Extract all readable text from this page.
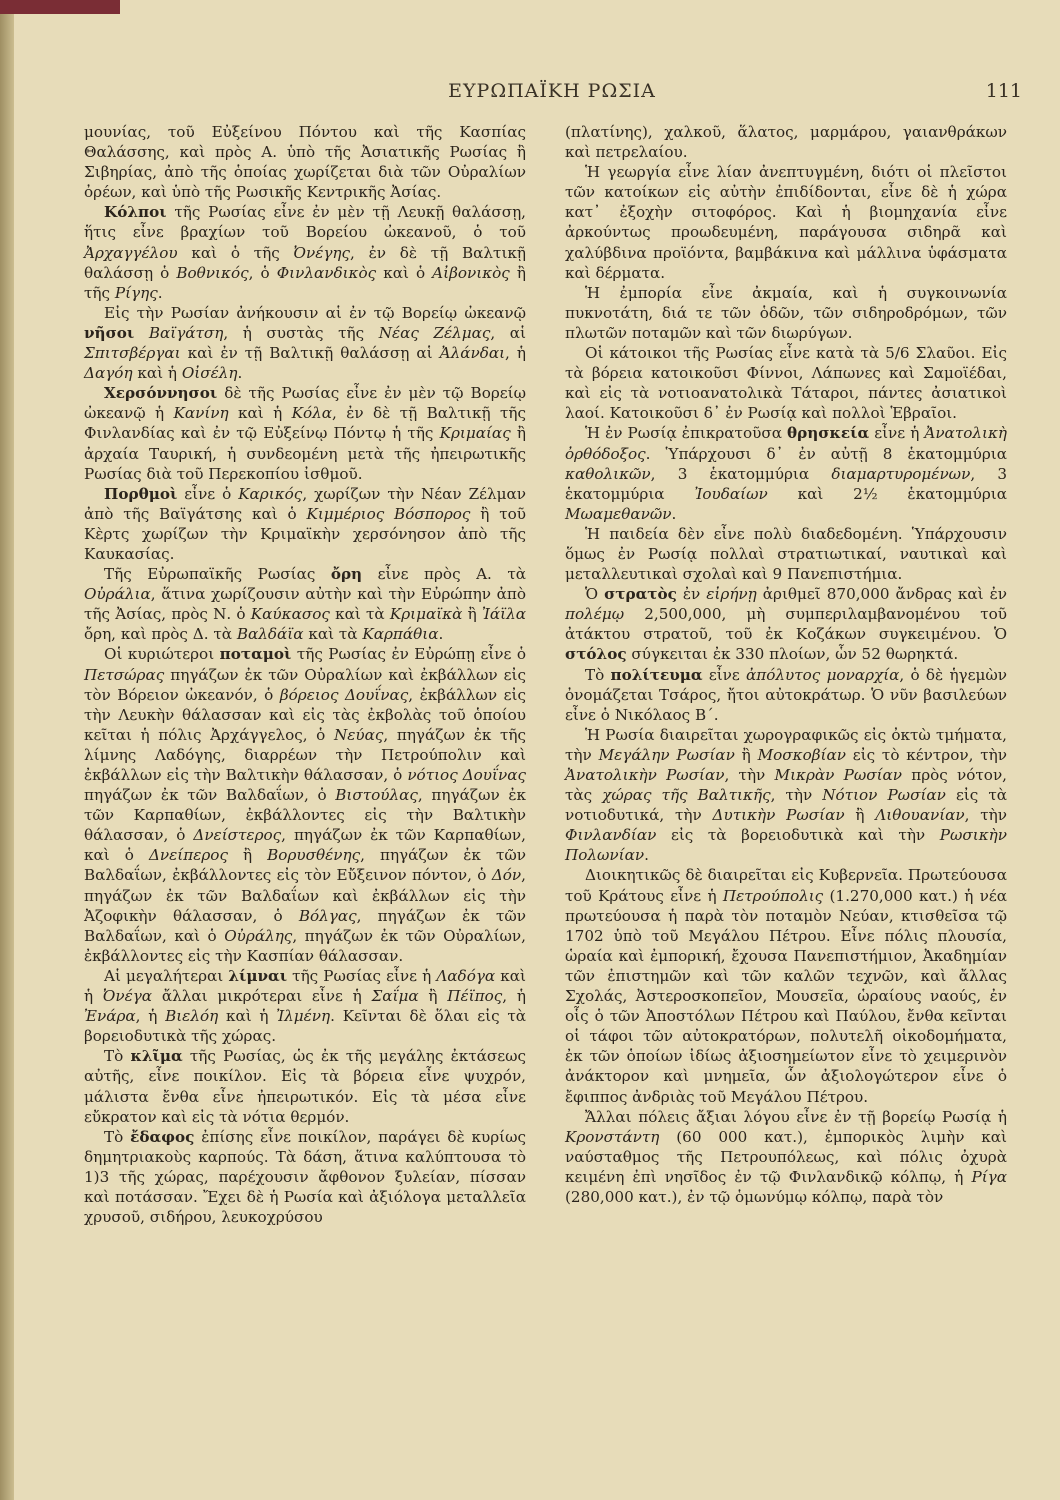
ΕΥΡΩΠΑΪΚΗ ΡΩΣΙΑ	111

μουνίας, τοῦ Εὐξείνου Πόντου καὶ τῆς Κασπίας Θαλάσσης, καὶ πρὸς Α. ὑπὸ τῆς Ἀσιατικῆς Ρωσίας ἢ Σιβηρίας, ἀπὸ τῆς ὁποίας χωρίζεται διὰ τῶν Οὐραλίων ὀρέων, καὶ ὑπὸ τῆς Ρωσικῆς Κεντρικῆς Ἀσίας.

Κόλποι τῆς Ρωσίας εἶνε ἐν μὲν τῇ Λευκῇ θαλάσσῃ, ἥτις εἶνε βραχίων τοῦ Βορείου ὠκεανοῦ, ὁ τοῦ Ἀρχαγγέλου καὶ ὁ τῆς Ὀνέγης, ἐν δὲ τῇ Βαλτικῇ θαλάσσῃ ὁ Βοθνικός, ὁ Φινλανδικὸς καὶ ὁ Αἰβονικὸς ἢ τῆς Ρίγης.

Εἰς τὴν Ρωσίαν ἀνήκουσιν αἱ ἐν τῷ Βορείῳ ὠκεανῷ νῆσοι Βαϊγάτση, ἡ συστὰς τῆς Νέας Ζέλμας, αἱ Σπιτσβέργαι καὶ ἐν τῇ Βαλτικῇ θαλάσσῃ αἱ Ἀλάνδαι, ἡ Δαγόη καὶ ἡ Οἰσέλη.

Χερσόννησοι δὲ τῆς Ρωσίας εἶνε ἐν μὲν τῷ Βορείῳ ὠκεανῷ ἡ Κανίνη καὶ ἡ Κόλα, ἐν δὲ τῇ Βαλτικῇ τῆς Φινλανδίας καὶ ἐν τῷ Εὐξείνῳ Πόντῳ ἡ τῆς Κριμαίας ἢ ἀρχαία Ταυρική, ἡ συνδεομένη μετὰ τῆς ἠπειρωτικῆς Ρωσίας διὰ τοῦ Περεκοπίου ἰσθμοῦ.

Πορθμοὶ εἶνε ὁ Καρικός, χωρίζων τὴν Νέαν Ζέλμαν ἀπὸ τῆς Βαϊγάτσης καὶ ὁ Κιμμέριος Βόσπορος ἢ τοῦ Κὲρτς χωρίζων τὴν Κριμαϊκὴν χερσόνησον ἀπὸ τῆς Καυκασίας.

Τῆς Εὐρωπαϊκῆς Ρωσίας ὄρη εἶνε πρὸς Α. τὰ Οὐράλια, ἅτινα χωρίζουσιν αὐτὴν καὶ τὴν Εὐρώπην ἀπὸ τῆς Ἀσίας, πρὸς Ν. ὁ Καύκασος καὶ τὰ Κριμαϊκὰ ἢ Ἰάϊλα ὄρη, καὶ πρὸς Δ. τὰ Βαλδάϊα καὶ τὰ Καρπάθια.

Οἱ κυριώτεροι ποταμοὶ τῆς Ρωσίας ἐν Εὐρώπῃ εἶνε ὁ Πετσώρας πηγάζων ἐκ τῶν Οὐραλίων καὶ ἐκβάλλων εἰς τὸν Βόρειον ὠκεανόν, ὁ βόρειος Δουΐνας, ἐκβάλλων εἰς τὴν Λευκὴν θάλασσαν καὶ εἰς τὰς ἐκβολὰς τοῦ ὁποίου κεῖται ἡ πόλις Ἀρχάγγελος, ὁ Νεύας, πηγάζων ἐκ τῆς λίμνης Λαδόγης, διαρρέων τὴν Πετρούπολιν καὶ ἐκβάλλων εἰς τὴν Βαλτικὴν θάλασσαν, ὁ νότιος Δουΐνας πηγάζων ἐκ τῶν Βαλδαΐων, ὁ Βιστούλας, πηγάζων ἐκ τῶν Καρπαθίων, ἐκβάλλοντες εἰς τὴν Βαλτικὴν θάλασσαν, ὁ Δνείστερος, πηγάζων ἐκ τῶν Καρπαθίων, καὶ ὁ Δνείπερος ἢ Βορυσθένης, πηγάζων ἐκ τῶν Βαλδαΐων, ἐκβάλλοντες εἰς τὸν Εὔξεινον πόντον, ὁ Δόν, πηγάζων ἐκ τῶν Βαλδαΐων καὶ ἐκβάλλων εἰς τὴν Ἀζοφικὴν θάλασσαν, ὁ Βόλγας, πηγάζων ἐκ τῶν Βαλδαΐων, καὶ ὁ Οὐράλης, πηγάζων ἐκ τῶν Οὐραλίων, ἐκβάλλοντες εἰς τὴν Κασπίαν θάλασσαν.

Αἱ μεγαλήτεραι λίμναι τῆς Ρωσίας εἶνε ἡ Λαδόγα καὶ ἡ Ὀνέγα ἄλλαι μικρότεραι εἶνε ἡ Σαΐμα ἢ Πέϊπος, ἡ Ἐνάρα, ἡ Βιελόη καὶ ἡ Ἰλμένη. Κεῖνται δὲ ὅλαι εἰς τὰ βορειοδυτικὰ τῆς χώρας.

Τὸ κλῖμα τῆς Ρωσίας, ὡς ἐκ τῆς μεγάλης ἐκτάσεως αὐτῆς, εἶνε ποικίλον. Εἰς τὰ βόρεια εἶνε ψυχρόν, μάλιστα ἔνθα εἶνε ἠπειρωτικόν. Εἰς τὰ μέσα εἶνε εὔκρατον καὶ εἰς τὰ νότια θερμόν.

Τὸ ἔδαφος ἐπίσης εἶνε ποικίλον, παράγει δὲ κυρίως δημητριακοὺς καρπούς. Τὰ δάση, ἅτινα καλύπτουσα τὸ 1)3 τῆς χώρας, παρέχουσιν ἄφθονον ξυλείαν, πίσσαν καὶ ποτάσσαν. Ἔχει δὲ ἡ Ρωσία καὶ ἀξιόλογα μεταλλεῖα χρυσοῦ, σιδήρου, λευκοχρύσου

(πλατίνης), χαλκοῦ, ἅλατος, μαρμάρου, γαιανθράκων καὶ πετρελαίου.

Ἡ γεωργία εἶνε λίαν ἀνεπτυγμένη, διότι οἱ πλεῖστοι τῶν κατοίκων εἰς αὐτὴν ἐπιδίδονται, εἶνε δὲ ἡ χώρα κατ᾽ ἐξοχὴν σιτοφόρος. Καὶ ἡ βιομηχανία εἶνε ἀρκούντως προωδευμένη, παράγουσα σιδηρᾶ καὶ χαλύβδινα προϊόντα, βαμβάκινα καὶ μάλλινα ὑφάσματα καὶ δέρματα.

Ἡ ἐμπορία εἶνε ἀκμαία, καὶ ἡ συγκοινωνία πυκνοτάτη, διά τε τῶν ὁδῶν, τῶν σιδηροδρόμων, τῶν πλωτῶν ποταμῶν καὶ τῶν διωρύγων.

Οἱ κάτοικοι τῆς Ρωσίας εἶνε κατὰ τὰ 5/6 Σλαῦοι. Εἰς τὰ βόρεια κατοικοῦσι Φίννοι, Λάπωνες καὶ Σαμοϊέδαι, καὶ εἰς τὰ νοτιοανατολικὰ Τάταροι, πάντες ἀσιατικοὶ λαοί. Κατοικοῦσι δ᾽ ἐν Ρωσίᾳ καὶ πολλοὶ Ἑβραῖοι.

Ἡ ἐν Ρωσίᾳ ἐπικρατοῦσα θρησκεία εἶνε ἡ Ἀνατολικὴ ὀρθόδοξος. Ὑπάρχουσι δ᾽ ἐν αὐτῇ 8 ἑκατομμύρια καθολικῶν, 3 ἑκατομμύρια διαμαρτυρομένων, 3 ἑκατομμύρια Ἰουδαίων καὶ 2½ ἑκατομμύρια Μωαμεθανῶν.

Ἡ παιδεία δὲν εἶνε πολὺ διαδεδομένη. Ὑπάρχουσιν ὅμως ἐν Ρωσίᾳ πολλαὶ στρατιωτικαί, ναυτικαὶ καὶ μεταλλευτικαὶ σχολαὶ καὶ 9 Πανεπιστήμια.

Ὁ στρατὸς ἐν εἰρήνῃ ἀριθμεῖ 870,000 ἄνδρας καὶ ἐν πολέμῳ 2,500,000, μὴ συμπεριλαμβανομένου τοῦ ἀτάκτου στρατοῦ, τοῦ ἐκ Κοζάκων συγκειμένου. Ὁ στόλος σύγκειται ἐκ 330 πλοίων, ὧν 52 θωρηκτά.

Τὸ πολίτευμα εἶνε ἀπόλυτος μοναρχία, ὁ δὲ ἡγεμὼν ὀνομάζεται Τσάρος, ἤτοι αὐτοκράτωρ. Ὁ νῦν βασιλεύων εἶνε ὁ Νικόλαος Β΄.

Ἡ Ρωσία διαιρεῖται χωρογραφικῶς εἰς ὀκτὼ τμήματα, τὴν Μεγάλην Ρωσίαν ἢ Μοσκοβίαν εἰς τὸ κέντρον, τὴν Ἀνατολικὴν Ρωσίαν, τὴν Μικρὰν Ρωσίαν πρὸς νότον, τὰς χώρας τῆς Βαλτικῆς, τὴν Νότιον Ρωσίαν εἰς τὰ νοτιοδυτικά, τὴν Δυτικὴν Ρωσίαν ἢ Λιθουανίαν, τὴν Φινλανδίαν εἰς τὰ βορειοδυτικὰ καὶ τὴν Ρωσικὴν Πολωνίαν.

Διοικητικῶς δὲ διαιρεῖται εἰς Κυβερνεῖα. Πρωτεύουσα τοῦ Κράτους εἶνε ἡ Πετρούπολις (1.270,000 κατ.) ἡ νέα πρωτεύουσα ἡ παρὰ τὸν ποταμὸν Νεύαν, κτισθεῖσα τῷ 1702 ὑπὸ τοῦ Μεγάλου Πέτρου. Εἶνε πόλις πλουσία, ὡραία καὶ ἐμπορική, ἔχουσα Πανεπιστήμιον, Ἀκαδημίαν τῶν ἐπιστημῶν καὶ τῶν καλῶν τεχνῶν, καὶ ἄλλας Σχολάς, Ἀστεροσκοπεῖον, Μουσεῖα, ὡραίους ναούς, ἐν οἷς ὁ τῶν Ἀποστόλων Πέτρου καὶ Παύλου, ἔνθα κεῖνται οἱ τάφοι τῶν αὐτοκρατόρων, πολυτελῆ οἰκοδομήματα, ἐκ τῶν ὁποίων ἰδίως ἀξιοσημείωτον εἶνε τὸ χειμερινὸν ἀνάκτορον καὶ μνημεῖα, ὧν ἀξιολογώτερον εἶνε ὁ ἔφιππος ἀνδριὰς τοῦ Μεγάλου Πέτρου.

Ἄλλαι πόλεις ἄξιαι λόγου εἶνε ἐν τῇ βορείῳ Ρωσίᾳ ἡ Κρονστάντη (60 000 κατ.), ἐμπορικὸς λιμὴν καὶ ναύσταθμος τῆς Πετρουπόλεως, καὶ πόλις ὀχυρὰ κειμένη ἐπὶ νησῖδος ἐν τῷ Φινλανδικῷ κόλπῳ, ἡ Ρίγα (280,000 κατ.), ἐν τῷ ὁμωνύμῳ κόλπῳ, παρὰ τὸν
